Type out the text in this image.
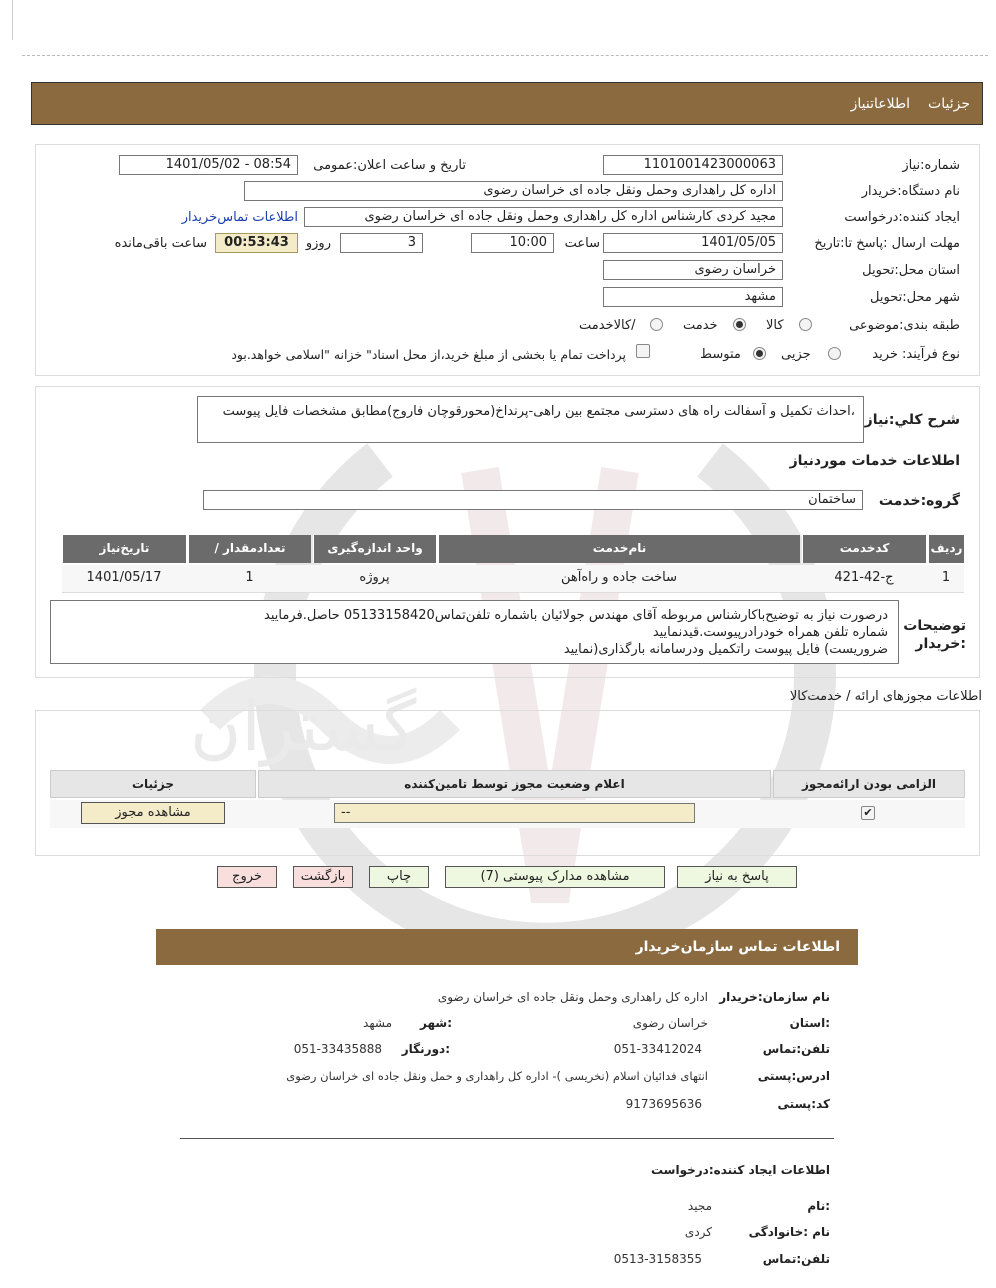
گستران
جزئیات
اطلاعاتنیاز
شماره:نیاز
1101001423000063
تاریخ و ساعت اعلان:عمومی
1401/05/02 - 08:54
نام دستگاه:خریدار
اداره کل راهداری وحمل ونقل جاده ای خراسان رضوی
ایجاد کننده:درخواست
مجید کردی کارشناس اداره کل راهداری وحمل ونقل جاده ای خراسان رضوی
اطلاعات تماس‌خریدار
مهلت ارسال :پاسخ تا:تاریخ
1401/05/05
ساعت
10:00
3
روزو
00:53:43
ساعت باقی‌مانده
استان محل:تحویل
خراسان رضوی
شهر محل:تحویل
مشهد
طبقه بندی:موضوعی
کالا
خدمت
/کالاخدمت
نوع فرآیند: خرید
جزیی
متوسط
پرداخت تمام یا بخشی از مبلغ خرید،از محل اسناد" خزانه "اسلامی خواهد.بود
شرح کلي:نياز
،احداث تکمیل و آسفالت راه های دسترسی مجتمع بین راهی-پرنداخ(محورقوچان فاروج)مطابق مشخصات فایل پیوست
اطلاعات خدمات موردنیاز
گروه:خدمت
ساختمان
ردیف
کدخدمت
نام‌خدمت
واحد اندازه‌گیری
/ تعدادمقدار
تاریخ‌نیاز
1
ج-42-421
ساخت جاده و راه‌آهن
پروژه
1
1401/05/17
توضیحات :خریدار
درصورت نیاز به توضیح‌باکارشناس مربوطه آقای مهندس جولائیان باشماره تلفن‌تماس05133158420 حاصل.فرمایید
شماره تلفن همراه خودرادرپیوست.قیدنمایید
ضروریست) فایل پیوست راتکمیل ودرسامانه بارگذاری(نمایید
اطلاعات مجوزهای ارائه / خدمت‌کالا
الزامی بودن ارائه‌مجوز
اعلام وضعیت مجوز توسط تامین‌کننده
جزئیات
✔
--
مشاهده مجوز
پاسخ به نیاز
مشاهده مدارک پیوستی (7)
چاپ
بازگشت
خروج
اطلاعات تماس سازمان‌خریدار
نام سازمان:خریدار
اداره کل راهداری وحمل ونقل جاده ای خراسان رضوی
:استان
خراسان رضوی
:شهر
مشهد
تلفن:تماس
051-33412024
:دورنگار
051-33435888
ادرس:پستی
انتهای فدائیان اسلام (نخریسی )- اداره کل راهداری و حمل ونقل جاده ای خراسان رضوی
کد:پستی
9173695636
اطلاعات ایجاد کننده:درخواست
:نام
مجید
نام :خانوادگی
کردی
تلفن:تماس
0513-3158355
